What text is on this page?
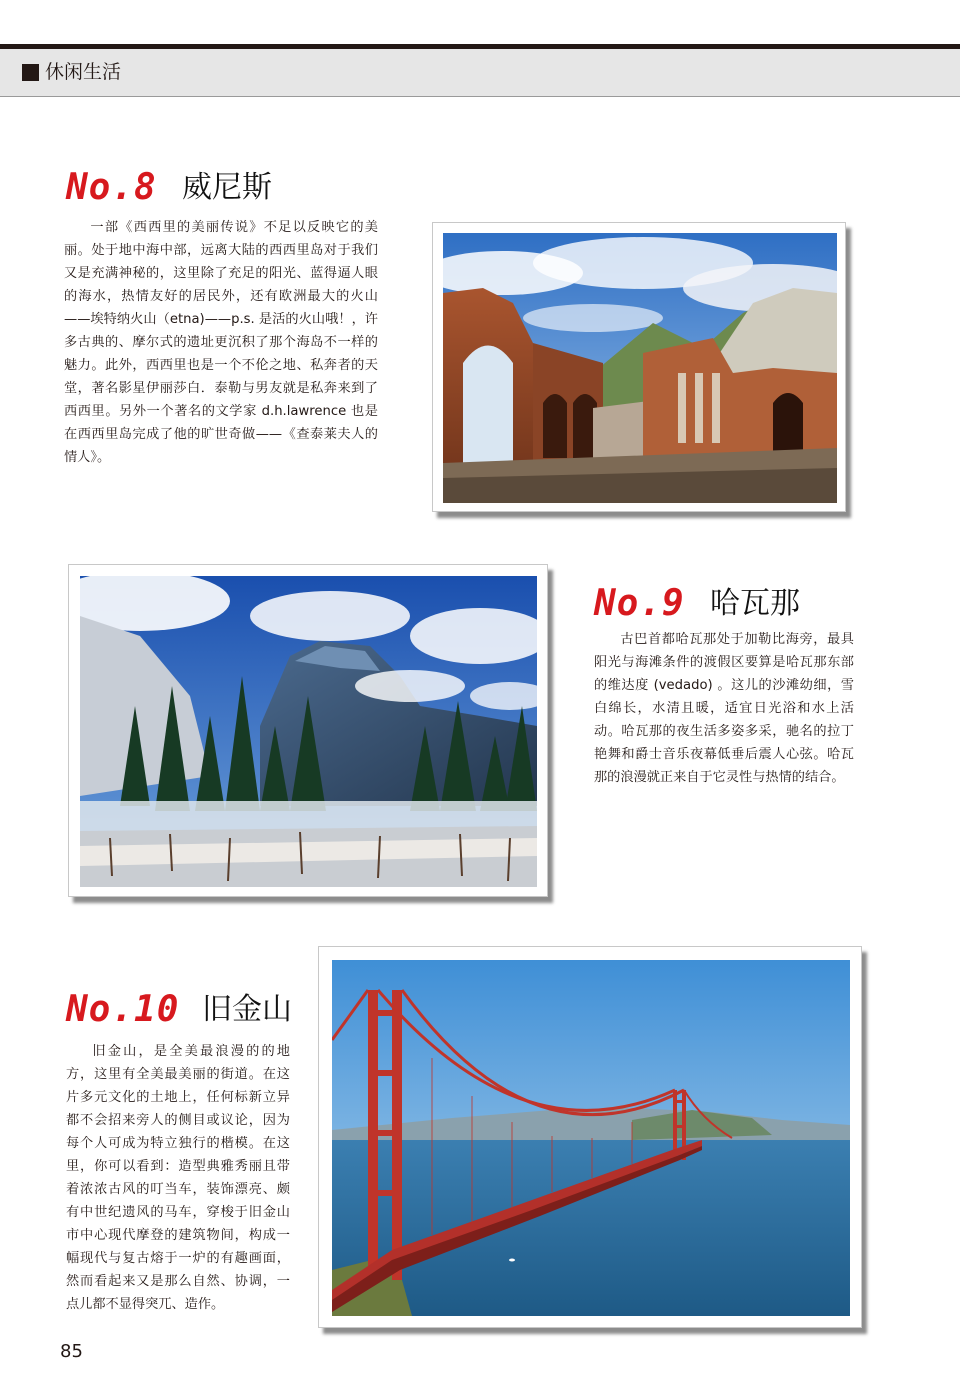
休闲生活
No.8 威尼斯

一部《西西里的美丽传说》不足以反映它的美丽。处于地中海中部，远离大陆的西西里岛对于我们又是充满神秘的，这里除了充足的阳光、蓝得逼人眼的海水，热情友好的居民外，还有欧洲最大的火山——埃特纳火山（etna)——p.s. 是活的火山哦！，许多古典的、摩尔式的遗址更沉积了那个海岛不一样的魅力。此外，西西里也是一个不伦之地、私奔者的天堂，著名影星伊丽莎白．泰勒与男友就是私奔来到了西西里。另外一个著名的文学家 d.h.lawrence 也是在西西里岛完成了他的旷世奇做——《查泰莱夫人的情人》。

No.9 哈瓦那

古巴首都哈瓦那处于加勒比海旁，最具阳光与海滩条件的渡假区要算是哈瓦那东部的维达度 (vedado) 。这儿的沙滩幼细，雪白绵长，水清且暖，适宜日光浴和水上活动。哈瓦那的夜生活多姿多采，驰名的拉丁艳舞和爵士音乐夜幕低垂后震人心弦。哈瓦那的浪漫就正来自于它灵性与热情的结合。

No.10 旧金山

旧金山，是全美最浪漫的的地方，这里有全美最美丽的街道。在这片多元文化的土地上，任何标新立异都不会招来旁人的侧目或议论，因为每个人可成为特立独行的楷模。在这里，你可以看到：造型典雅秀丽且带着浓浓古风的叮当车，装饰漂亮、颇有中世纪遗风的马车，穿梭于旧金山市中心现代摩登的建筑物间，构成一幅现代与复古熔于一炉的有趣画面，然而看起来又是那么自然、协调，一点儿都不显得突兀、造作。

85
